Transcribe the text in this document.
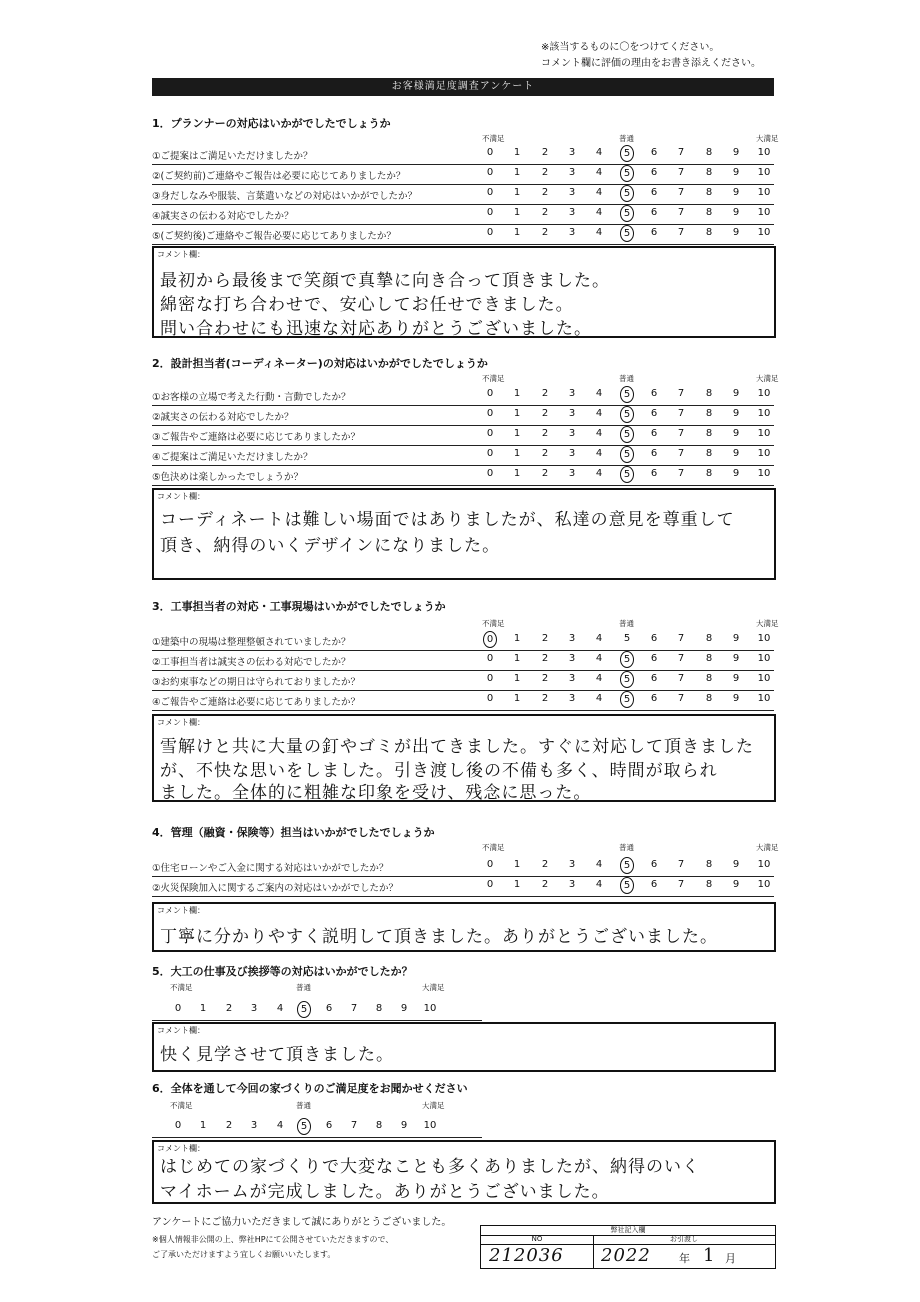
※該当するものに〇をつけてください。
コメント欄に評価の理由をお書き添えください。
お客様満足度調査アンケート
1．プランナーの対応はいかがでしたでしょうか
不満足	普通	大満足
①ご提案はご満足いただけましたか？	0	1	2	3	4	5	6	7	8	9	10
②(ご契約前)ご連絡やご報告は必要に応じてありましたか？	0	1	2	3	4	5	6	7	8	9	10
③身だしなみや服装、言葉遣いなどの対応はいかがでしたか？	0	1	2	3	4	5	6	7	8	9	10
④誠実さの伝わる対応でしたか？	0	1	2	3	4	5	6	7	8	9	10
⑤(ご契約後)ご連絡やご報告必要に応じてありましたか？	0	1	2	3	4	5	6	7	8	9	10
コメント欄：
最初から最後まで笑顔で真摯に向き合って頂きました。
綿密な打ち合わせで、安心してお任せできました。
問い合わせにも迅速な対応ありがとうございました。
2．設計担当者(コーディネーター)の対応はいかがでしたでしょうか
不満足	普通	大満足
①お客様の立場で考えた行動・言動でしたか？	0	1	2	3	4	5	6	7	8	9	10
②誠実さの伝わる対応でしたか？	0	1	2	3	4	5	6	7	8	9	10
③ご報告やご連絡は必要に応じてありましたか？	0	1	2	3	4	5	6	7	8	9	10
④ご提案はご満足いただけましたか？	0	1	2	3	4	5	6	7	8	9	10
⑤色決めは楽しかったでしょうか？	0	1	2	3	4	5	6	7	8	9	10
コメント欄：
コーディネートは難しい場面ではありましたが、私達の意見を尊重して
頂き、納得のいくデザインになりました。
3．工事担当者の対応・工事現場はいかがでしたでしょうか
不満足	普通	大満足
①建築中の現場は整理整頓されていましたか？	0	1	2	3	4	5	6	7	8	9	10
②工事担当者は誠実さの伝わる対応でしたか？	0	1	2	3	4	5	6	7	8	9	10
③お約束事などの期日は守られておりましたか？	0	1	2	3	4	5	6	7	8	9	10
④ご報告やご連絡は必要に応じてありましたか？	0	1	2	3	4	5	6	7	8	9	10
コメント欄：
雪解けと共に大量の釘やゴミが出てきました。すぐに対応して頂きました
が、不快な思いをしました。引き渡し後の不備も多く、時間が取られ
ました。全体的に粗雑な印象を受け、残念に思った。
4．管理（融資・保険等）担当はいかがでしたでしょうか
不満足	普通	大満足
①住宅ローンやご入金に関する対応はいかがでしたか？	0	1	2	3	4	5	6	7	8	9	10
②火災保険加入に関するご案内の対応はいかがでしたか？	0	1	2	3	4	5	6	7	8	9	10
コメント欄：
丁寧に分かりやすく説明して頂きました。ありがとうございました。
5．大工の仕事及び挨拶等の対応はいかがでしたか？
不満足	普通	大満足
0	1	2	3	4	5	6	7	8	9	10
コメント欄：
快く見学させて頂きました。
6．全体を通して今回の家づくりのご満足度をお聞かせください
不満足	普通	大満足
0	1	2	3	4	5	6	7	8	9	10
コメント欄：
はじめての家づくりで大変なことも多くありましたが、納得のいく
マイホームが完成しました。ありがとうございました。
アンケートにご協力いただきまして誠にありがとうございました。
※個人情報非公開の上、弊社HPにて公開させていただきますので、
ご了承いただけますよう宜しくお願いいたします。
弊社記入欄
NO	お引渡し
212036 2022	年 1 月
